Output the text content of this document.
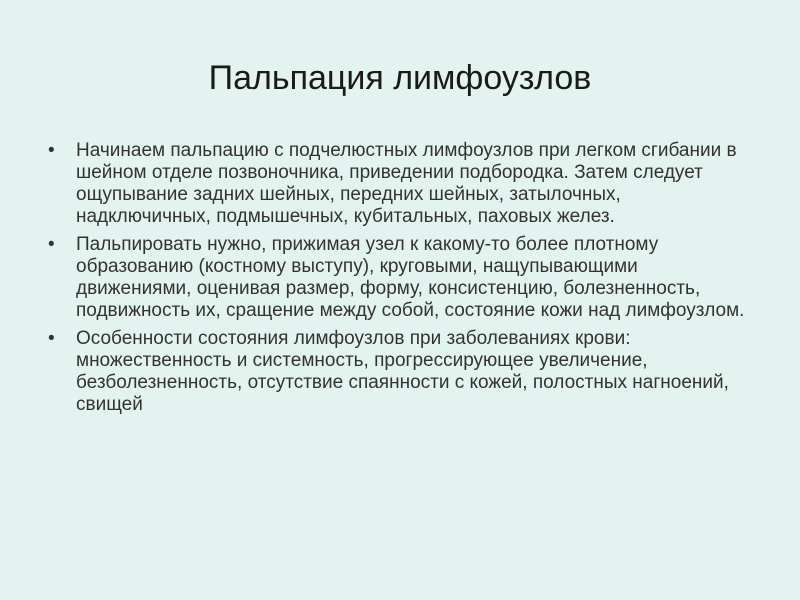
Пальпация лимфоузлов
•	Начинаем пальпацию с подчелюстных лимфоузлов при легком сгибании в шейном отделе позвоночника, приведении подбородка. Затем следует ощупывание задних шейных, передних шейных, затылочных, надключичных, подмышечных, кубитальных, паховых желез.
•	Пальпировать нужно, прижимая узел к какому-то более плотному образованию (костному выступу), круговыми, нащупывающими движениями, оценивая размер, форму, консистенцию, болезненность, подвижность их, сращение между собой, состояние кожи над лимфоузлом.
•	Особенности состояния лимфоузлов при заболеваниях крови: множественность и системность, прогрессирующее увеличение, безболезненность, отсутствие спаянности с кожей, полостных нагноений, свищей
